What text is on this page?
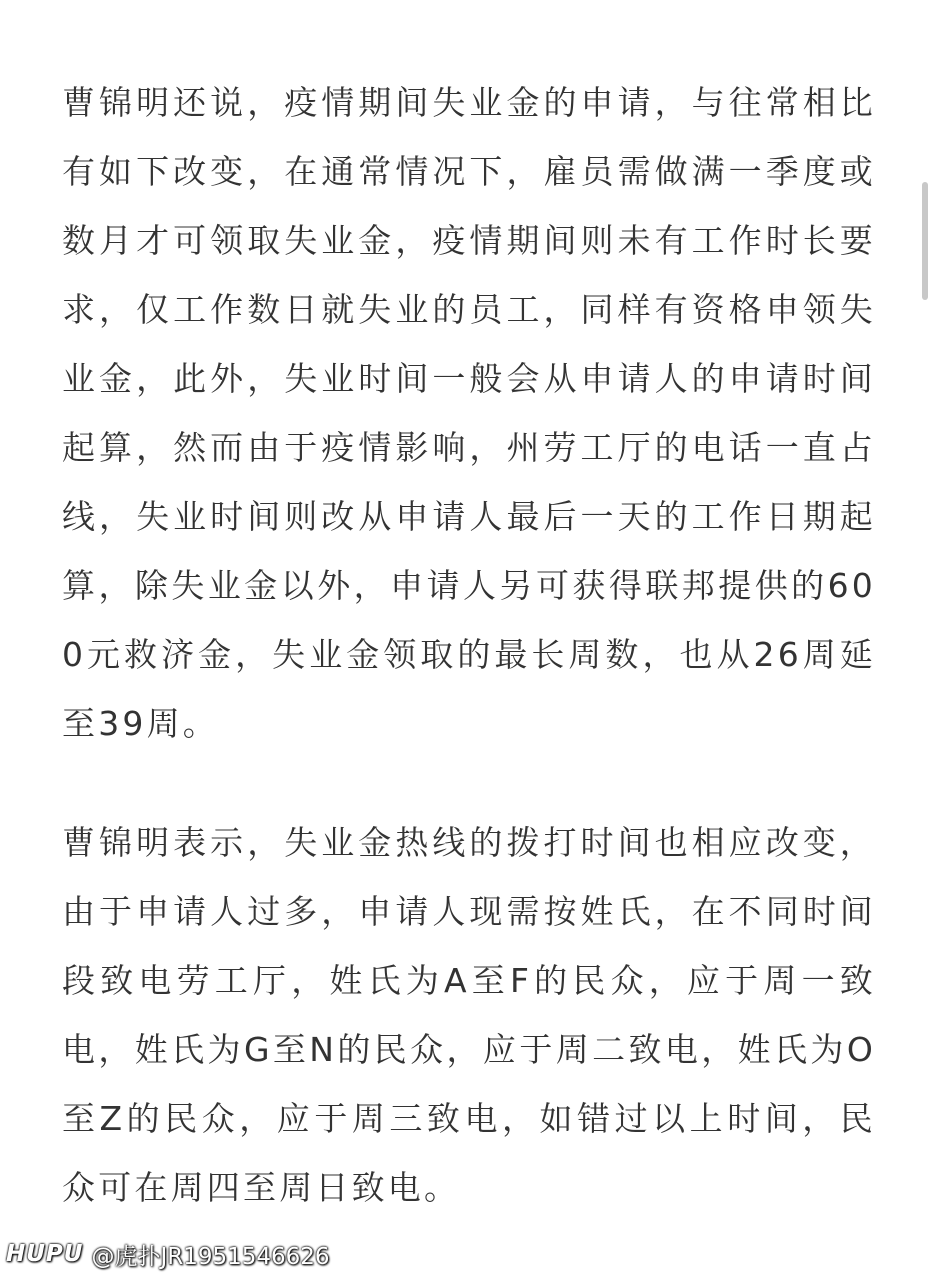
曹锦明还说，疫情期间失业金的申请，与往常相比有如下改变，在通常情况下，雇员需做满一季度或数月才可领取失业金，疫情期间则未有工作时长要求，仅工作数日就失业的员工，同样有资格申领失业金，此外，失业时间一般会从申请人的申请时间起算，然而由于疫情影响，州劳工厅的电话一直占线，失业时间则改从申请人最后一天的工作日期起算，除失业金以外，申请人另可获得联邦提供的600元救济金，失业金领取的最长周数，也从26周延至39周。

曹锦明表示，失业金热线的拨打时间也相应改变，由于申请人过多，申请人现需按姓氏，在不同时间段致电劳工厅，姓氏为A至F的民众，应于周一致电，姓氏为G至N的民众，应于周二致电，姓氏为O至Z的民众，应于周三致电，如错过以上时间，民众可在周四至周日致电。

HUPU @虎扑JR1951546626
